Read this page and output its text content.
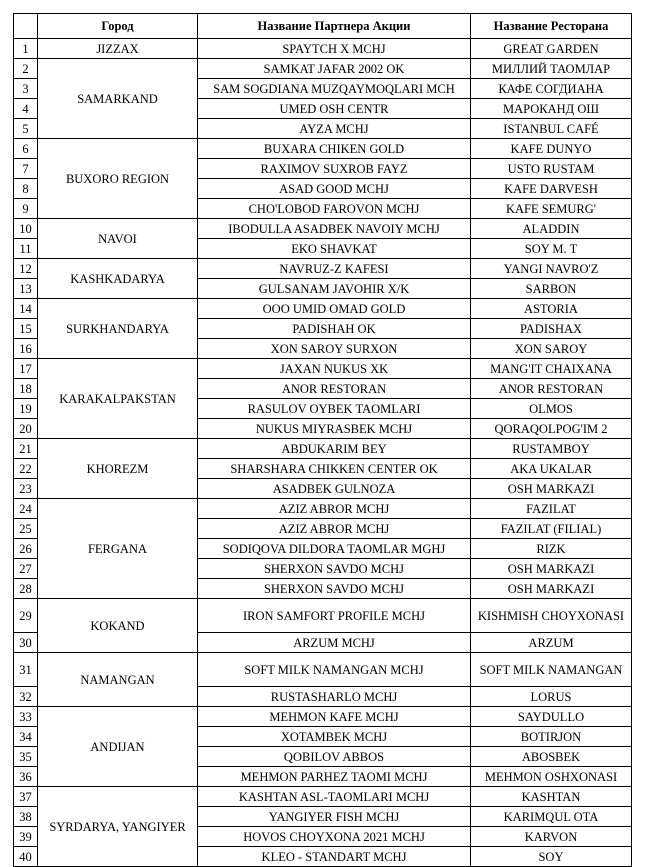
	Город	Название Партнера Акции	Название Ресторана
1	JIZZAX	SPAYTCH X MCHJ	GREAT GARDEN
2	SAMARKAND	SAMKAT JAFAR 2002 OK	МИЛЛИЙ ТАОМЛАР
3		SAM SOGDIANA MUZQAYMOQLARI MCH	КАФЕ СОГДИАНА
4		UMED OSH CENTR	МАРОКАНД ОШ
5		AYZA MCHJ	ISTANBUL CAFÉ
6	BUXORO REGION	BUXARA CHIKEN GOLD	KAFE DUNYO
7		RAXIMOV SUXROB FAYZ	USTO RUSTAM
8		ASAD GOOD MCHJ	KAFE DARVESH
9		CHO'LOBOD FAROVON MCHJ	KAFE SEMURG'
10	NAVOI	IBODULLA ASADBEK NAVOIY MCHJ	ALADDIN
11		EKO SHAVKAT	SOY M. T
12	KASHKADARYA	NAVRUZ-Z KAFESI	YANGI NAVRO'Z
13		GULSANAM JAVOHIR X/K	SARBON
14	SURKHANDARYA	OOO UMID OMAD GOLD	ASTORIA
15		PADISHAH OK	PADISHAX
16		XON SAROY SURXON	XON SAROY
17	KARAKALPAKSTAN	JAXAN NUKUS XK	MANG'IT CHAIXANA
18		ANOR RESTORAN	ANOR RESTORAN
19		RASULOV OYBEK TAOMLARI	OLMOS
20		NUKUS MIYRASBEK MCHJ	QORAQOLPOG'IM 2
21	KHOREZM	ABDUKARIM BEY	RUSTAMBOY
22		SHARSHARA CHIKKEN CENTER OK	AKA UKALAR
23		ASADBEK GULNOZA	OSH MARKAZI
24	FERGANA	AZIZ ABROR MCHJ	FAZILAT
25		AZIZ ABROR MCHJ	FAZILAT (FILIAL)
26		SODIQOVA DILDORA TAOMLAR MGHJ	RIZK
27		SHERXON SAVDO MCHJ	OSH MARKAZI
28		SHERXON SAVDO MCHJ	OSH MARKAZI
29	KOKAND	IRON SAMFORT PROFILE MCHJ	KISHMISH CHOYXONASI
30		ARZUM MCHJ	ARZUM
31	NAMANGAN	SOFT MILK NAMANGAN MCHJ	SOFT MILK NAMANGAN
32		RUSTASHARLO MCHJ	LORUS
33	ANDIJAN	MEHMON KAFE MCHJ	SAYDULLO
34		XOTAMBEK MCHJ	BOTIRJON
35		QOBILOV ABBOS	ABOSBEK
36		MEHMON PARHEZ TAOMI MCHJ	MEHMON OSHXONASI
37	SYRDARYA, YANGIYER	KASHTAN ASL-TAOMLARI MCHJ	KASHTAN
38		YANGIYER FISH MCHJ	KARIMQUL OTA
39		HOVOS CHOYXONA 2021 MCHJ	KARVON
40		KLEO - STANDART MCHJ	SOY
